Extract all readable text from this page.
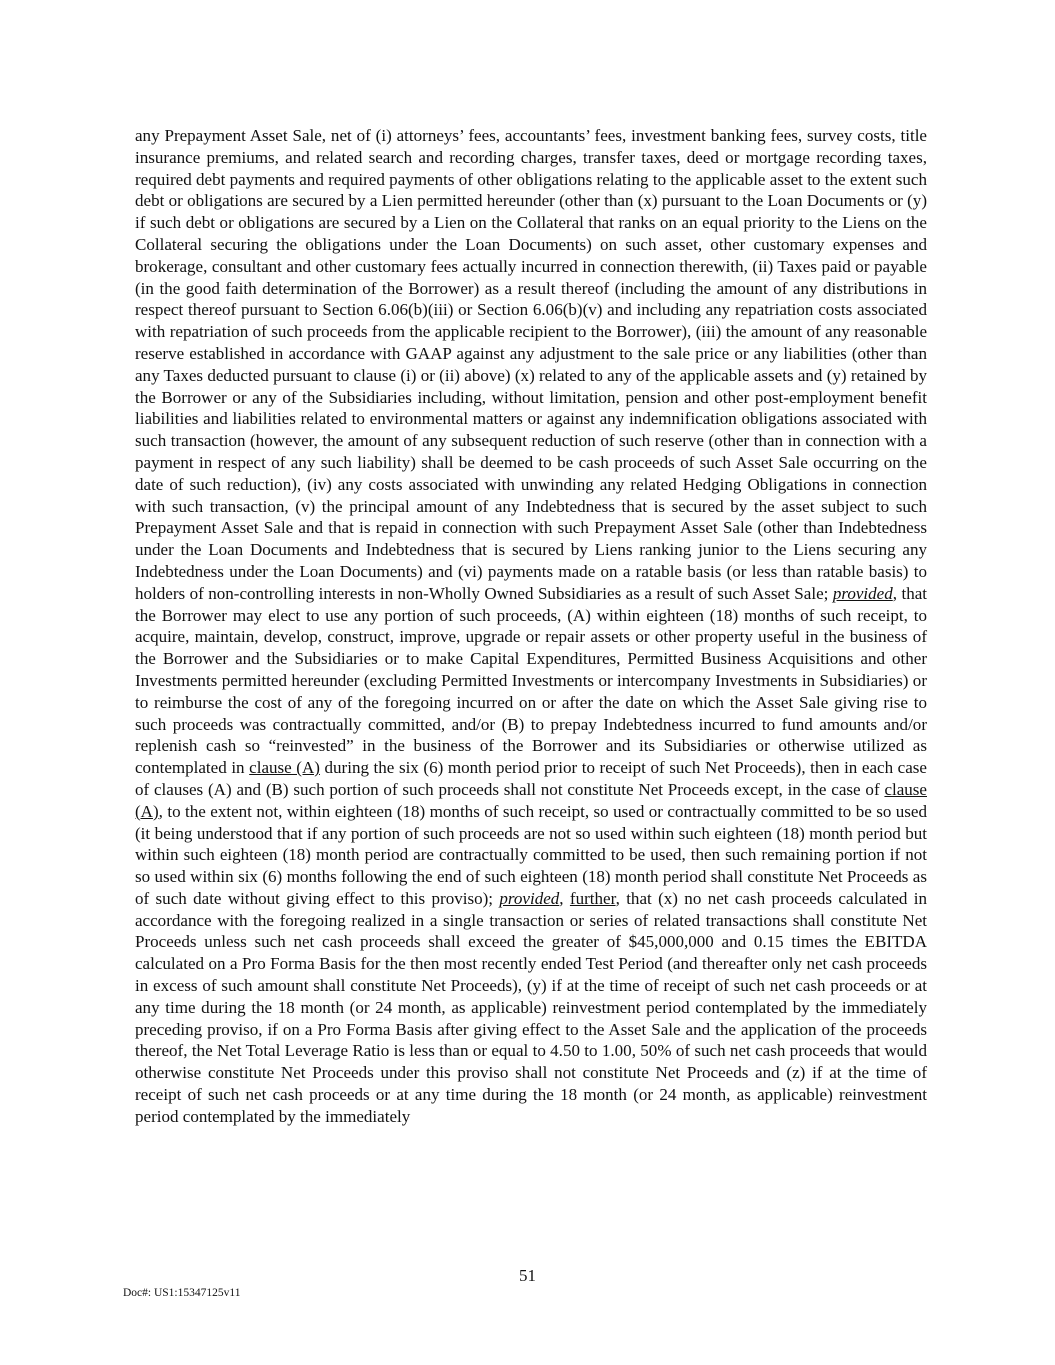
any Prepayment Asset Sale, net of (i) attorneys’ fees, accountants’ fees, investment banking fees, survey costs, title insurance premiums, and related search and recording charges, transfer taxes, deed or mortgage recording taxes, required debt payments and required payments of other obligations relating to the applicable asset to the extent such debt or obligations are secured by a Lien permitted hereunder (other than (x) pursuant to the Loan Documents or (y) if such debt or obligations are secured by a Lien on the Collateral that ranks on an equal priority to the Liens on the Collateral securing the obligations under the Loan Documents) on such asset, other customary expenses and brokerage, consultant and other customary fees actually incurred in connection therewith, (ii) Taxes paid or payable (in the good faith determination of the Borrower) as a result thereof (including the amount of any distributions in respect thereof pursuant to Section 6.06(b)(iii) or Section 6.06(b)(v) and including any repatriation costs associated with repatriation of such proceeds from the applicable recipient to the Borrower), (iii) the amount of any reasonable reserve established in accordance with GAAP against any adjustment to the sale price or any liabilities (other than any Taxes deducted pursuant to clause (i) or (ii) above) (x) related to any of the applicable assets and (y) retained by the Borrower or any of the Subsidiaries including, without limitation, pension and other post-employment benefit liabilities and liabilities related to environmental matters or against any indemnification obligations associated with such transaction (however, the amount of any subsequent reduction of such reserve (other than in connection with a payment in respect of any such liability) shall be deemed to be cash proceeds of such Asset Sale occurring on the date of such reduction), (iv) any costs associated with unwinding any related Hedging Obligations in connection with such transaction, (v) the principal amount of any Indebtedness that is secured by the asset subject to such Prepayment Asset Sale and that is repaid in connection with such Prepayment Asset Sale (other than Indebtedness under the Loan Documents and Indebtedness that is secured by Liens ranking junior to the Liens securing any Indebtedness under the Loan Documents) and (vi) payments made on a ratable basis (or less than ratable basis) to holders of non-controlling interests in non-Wholly Owned Subsidiaries as a result of such Asset Sale; provided, that the Borrower may elect to use any portion of such proceeds, (A) within eighteen (18) months of such receipt, to acquire, maintain, develop, construct, improve, upgrade or repair assets or other property useful in the business of the Borrower and the Subsidiaries or to make Capital Expenditures, Permitted Business Acquisitions and other Investments permitted hereunder (excluding Permitted Investments or intercompany Investments in Subsidiaries) or to reimburse the cost of any of the foregoing incurred on or after the date on which the Asset Sale giving rise to such proceeds was contractually committed, and/or (B) to prepay Indebtedness incurred to fund amounts and/or replenish cash so “reinvested” in the business of the Borrower and its Subsidiaries or otherwise utilized as contemplated in clause (A) during the six (6) month period prior to receipt of such Net Proceeds), then in each case of clauses (A) and (B) such portion of such proceeds shall not constitute Net Proceeds except, in the case of clause (A), to the extent not, within eighteen (18) months of such receipt, so used or contractually committed to be so used (it being understood that if any portion of such proceeds are not so used within such eighteen (18) month period but within such eighteen (18) month period are contractually committed to be used, then such remaining portion if not so used within six (6) months following the end of such eighteen (18) month period shall constitute Net Proceeds as of such date without giving effect to this proviso); provided, further, that (x) no net cash proceeds calculated in accordance with the foregoing realized in a single transaction or series of related transactions shall constitute Net Proceeds unless such net cash proceeds shall exceed the greater of $45,000,000 and 0.15 times the EBITDA calculated on a Pro Forma Basis for the then most recently ended Test Period (and thereafter only net cash proceeds in excess of such amount shall constitute Net Proceeds), (y) if at the time of receipt of such net cash proceeds or at any time during the 18 month (or 24 month, as applicable) reinvestment period contemplated by the immediately preceding proviso, if on a Pro Forma Basis after giving effect to the Asset Sale and the application of the proceeds thereof, the Net Total Leverage Ratio is less than or equal to 4.50 to 1.00, 50% of such net cash proceeds that would otherwise constitute Net Proceeds under this proviso shall not constitute Net Proceeds and (z) if at the time of receipt of such net cash proceeds or at any time during the 18 month (or 24 month, as applicable) reinvestment period contemplated by the immediately

51
Doc#: US1:15347125v11
